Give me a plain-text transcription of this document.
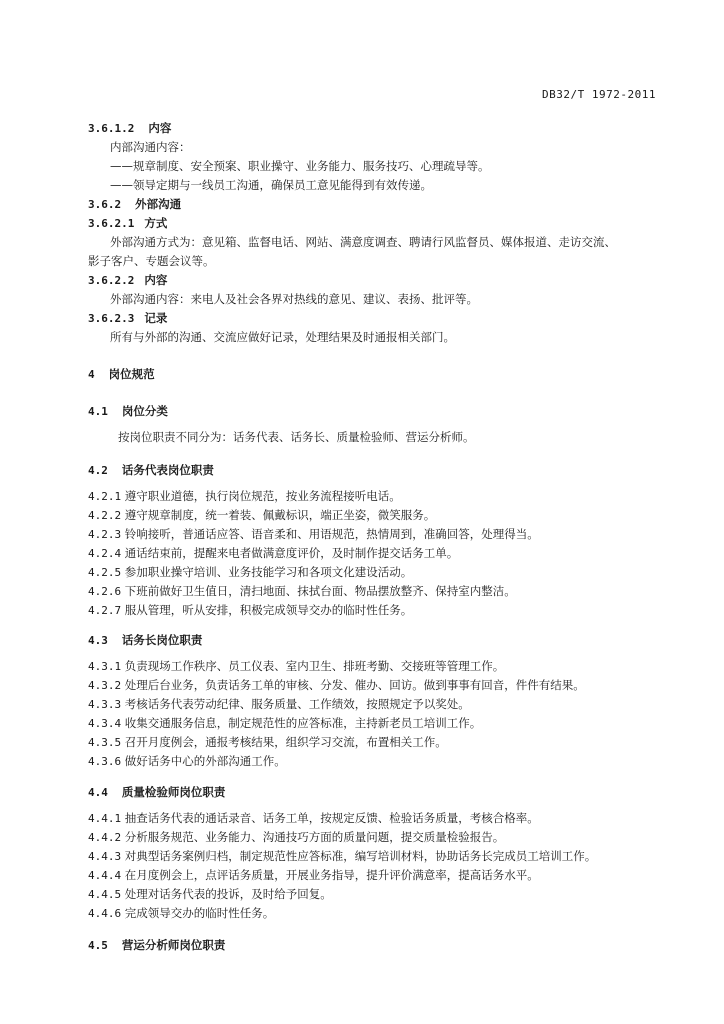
DB32/T 1972-2011
3.6.1.2 内容
内部沟通内容：
——规章制度、安全预案、职业操守、业务能力、服务技巧、心理疏导等。
——领导定期与一线员工沟通，确保员工意见能得到有效传递。
3.6.2 外部沟通
3.6.2.1 方式
外部沟通方式为：意见箱、监督电话、网站、满意度调查、聘请行风监督员、媒体报道、走访交流、
影子客户、专题会议等。
3.6.2.2 内容
外部沟通内容：来电人及社会各界对热线的意见、建议、表扬、批评等。
3.6.2.3 记录
所有与外部的沟通、交流应做好记录，处理结果及时通报相关部门。
4 岗位规范
4.1 岗位分类
按岗位职责不同分为：话务代表、话务长、质量检验师、营运分析师。
4.2 话务代表岗位职责
4.2.1 遵守职业道德，执行岗位规范，按业务流程接听电话。
4.2.2 遵守规章制度，统一着装、佩戴标识，端正坐姿，微笑服务。
4.2.3 铃响接听，普通话应答、语音柔和、用语规范，热情周到，准确回答，处理得当。
4.2.4 通话结束前，提醒来电者做满意度评价，及时制作提交话务工单。
4.2.5 参加职业操守培训、业务技能学习和各项文化建设活动。
4.2.6 下班前做好卫生值日，清扫地面、抹拭台面、物品摆放整齐、保持室内整洁。
4.2.7 服从管理，听从安排，积极完成领导交办的临时性任务。
4.3 话务长岗位职责
4.3.1 负责现场工作秩序、员工仪表、室内卫生、排班考勤、交接班等管理工作。
4.3.2 处理后台业务，负责话务工单的审核、分发、催办、回访。做到事事有回音，件件有结果。
4.3.3 考核话务代表劳动纪律、服务质量、工作绩效，按照规定予以奖处。
4.3.4 收集交通服务信息，制定规范性的应答标准，主持新老员工培训工作。
4.3.5 召开月度例会，通报考核结果，组织学习交流，布置相关工作。
4.3.6 做好话务中心的外部沟通工作。
4.4 质量检验师岗位职责
4.4.1 抽查话务代表的通话录音、话务工单，按规定反馈、检验话务质量，考核合格率。
4.4.2 分析服务规范、业务能力、沟通技巧方面的质量问题，提交质量检验报告。
4.4.3 对典型话务案例归档，制定规范性应答标准，编写培训材料，协助话务长完成员工培训工作。
4.4.4 在月度例会上，点评话务质量，开展业务指导，提升评价满意率，提高话务水平。
4.4.5 处理对话务代表的投诉，及时给予回复。
4.4.6 完成领导交办的临时性任务。
4.5 营运分析师岗位职责
